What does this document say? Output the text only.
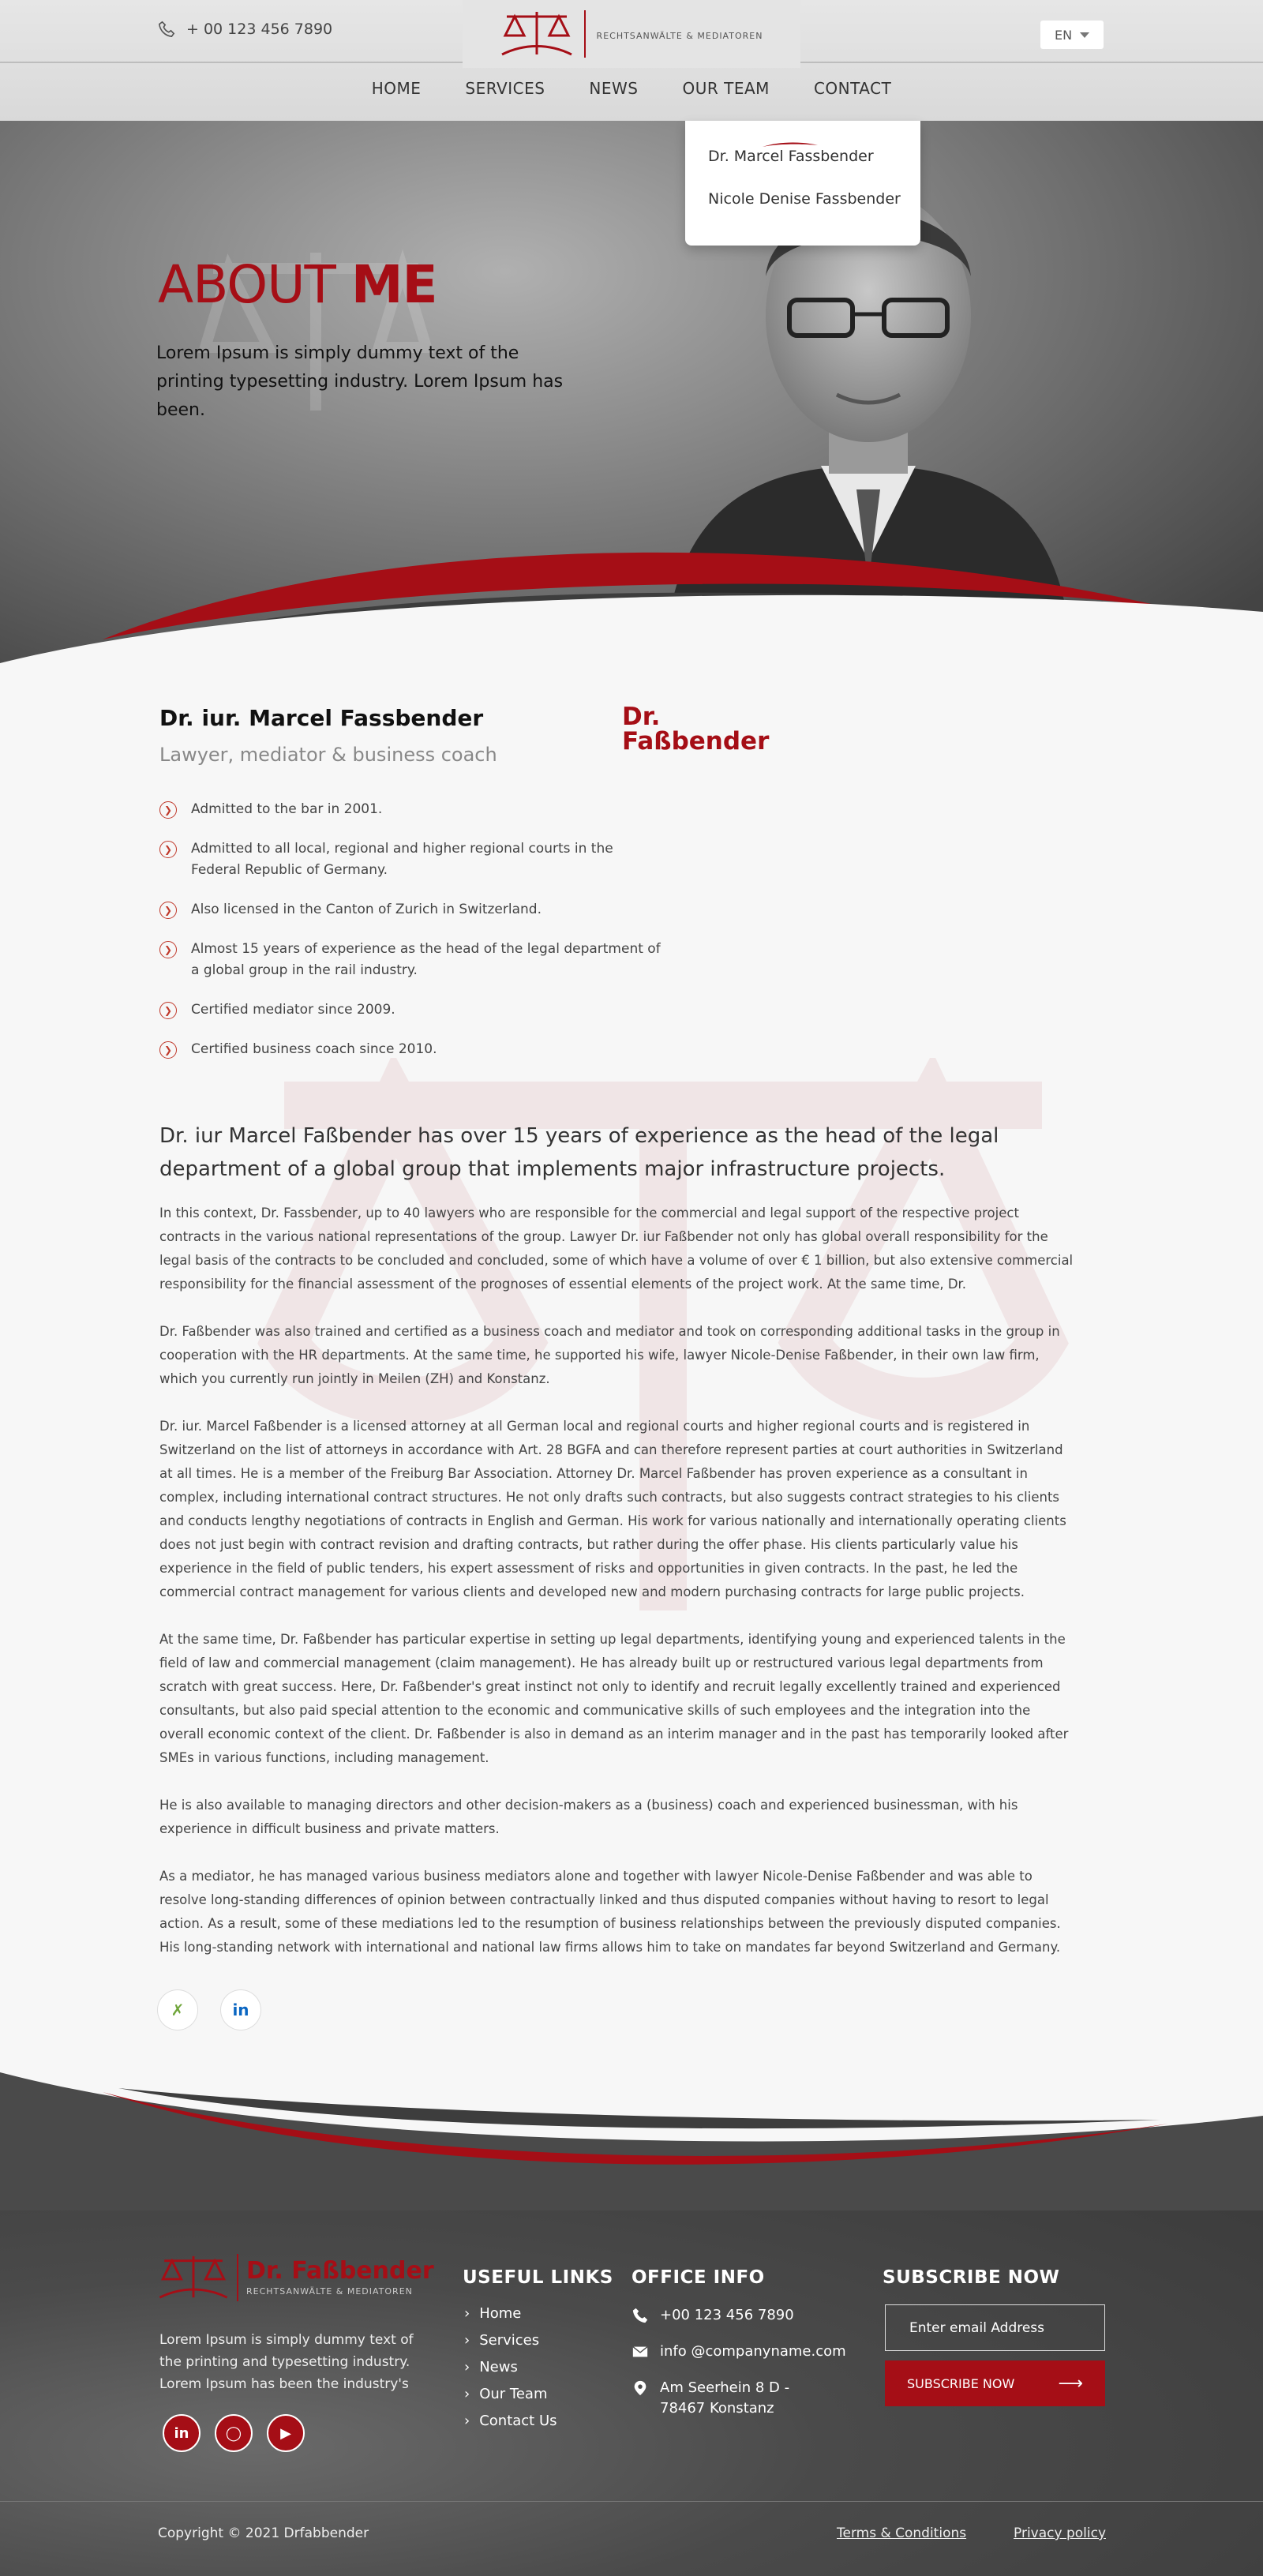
ABOUT ME

Lorem Ipsum is simply dummy text of the printing typesetting industry. Lorem Ipsum has been.

+ 00 123 456 7890
Dr. Faßbender
RECHTSANWÄLTE & MEDIATOREN	EN
HOME	SERVICES	NEWS	OUR TEAM	CONTACT
Dr. Marcel Fassbender
Nicole Denise Fassbender
Dr. iur. Marcel Fassbender

Lawyer, mediator & business coach

❯	Admitted to the bar in 2001.
❯	Admitted to all local, regional and higher regional courts in the Federal Republic of Germany.
❯	Also licensed in the Canton of Zurich in Switzerland.
❯	Almost 15 years of experience as the head of the legal department of a global group in the rail industry.
❯	Certified mediator since 2009.
❯	Certified business coach since 2010.

Dr. iur Marcel Faßbender has over 15 years of experience as the head of the legal department of a global group that implements major infrastructure projects.

In this context, Dr. Fassbender, up to 40 lawyers who are responsible for the commercial and legal support of the respective project contracts in the various national representations of the group. Lawyer Dr. iur Faßbender not only has global overall responsibility for the legal basis of the contracts to be concluded and concluded, some of which have a volume of over € 1 billion, but also extensive commercial responsibility for the financial assessment of the prognoses of essential elements of the project work. At the same time, Dr.

Dr. Faßbender was also trained and certified as a business coach and mediator and took on corresponding additional tasks in the group in cooperation with the HR departments. At the same time, he supported his wife, lawyer Nicole-Denise Faßbender, in their own law firm, which you currently run jointly in Meilen (ZH) and Konstanz.

Dr. iur. Marcel Faßbender is a licensed attorney at all German local and regional courts and higher regional courts and is registered in Switzerland on the list of attorneys in accordance with Art. 28 BGFA and can therefore represent parties at court authorities in Switzerland at all times. He is a member of the Freiburg Bar Association. Attorney Dr. Marcel Faßbender has proven experience as a consultant in complex, including international contract structures. He not only drafts such contracts, but also suggests contract strategies to his clients and conducts lengthy negotiations of contracts in English and German. His work for various nationally and internationally operating clients does not just begin with contract revision and drafting contracts, but rather during the offer phase. His clients particularly value his experience in the field of public tenders, his expert assessment of risks and opportunities in given contracts. In the past, he led the commercial contract management for various clients and developed new and modern purchasing contracts for large public projects.

At the same time, Dr. Faßbender has particular expertise in setting up legal departments, identifying young and experienced talents in the field of law and commercial management (claim management). He has already built up or restructured various legal departments from scratch with great success. Here, Dr. Faßbender's great instinct not only to identify and recruit legally excellently trained and experienced consultants, but also paid special attention to the economic and communicative skills of such employees and the integration into the overall economic context of the client. Dr. Faßbender is also in demand as an interim manager and in the past has temporarily looked after SMEs in various functions, including management.

He is also available to managing directors and other decision-makers as a (business) coach and experienced businessman, with his experience in difficult business and private matters.

As a mediator, he has managed various business mediators alone and together with lawyer Nicole-Denise Faßbender and was able to resolve long-standing differences of opinion between contractually linked and thus disputed companies without having to resort to legal action. As a result, some of these mediations led to the resumption of business relationships between the previously disputed companies. His long-standing network with international and national law firms allows him to take on mandates far beyond Switzerland and Germany.

✗	in
Dr. Faßbender
RECHTSANWÄLTE & MEDIATOREN

Lorem Ipsum is simply dummy text of the printing and typesetting industry. Lorem Ipsum has been the industry's

in	◯	▶
USEFUL LINKS
› Home
› Services
› News
› Our Team
› Contact Us
OFFICE INFO
+00 123 456 7890
info @companyname.com
Am Seerhein 8 D - 78467 Konstanz
SUBSCRIBE NOW
Enter email Address
SUBSCRIBE NOW	⟶
Copyright © 2021 Drfabbender	Terms & Conditions	Privacy policy
